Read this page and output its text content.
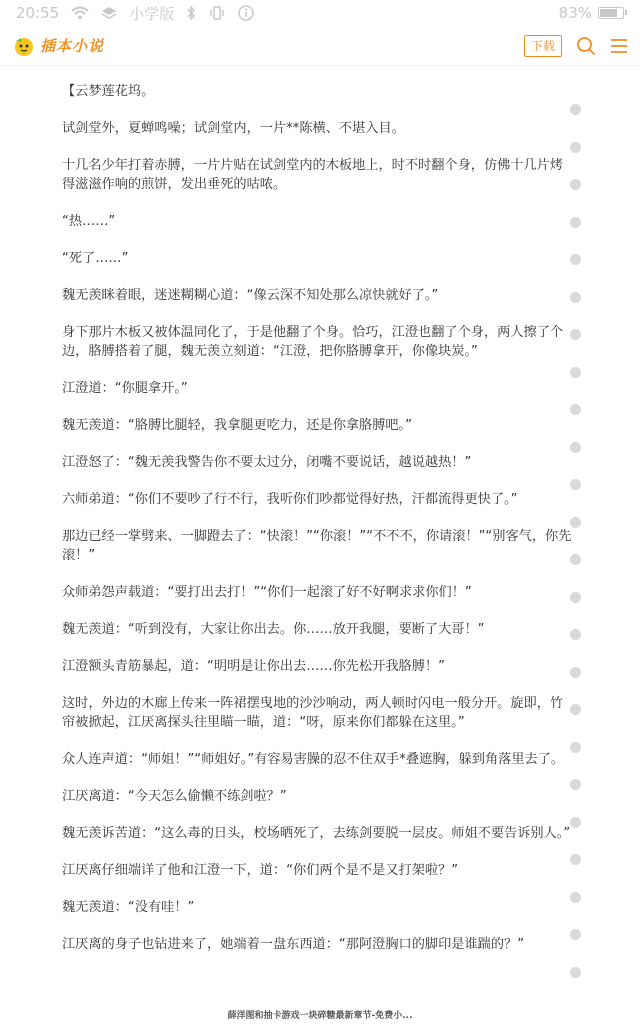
20:55	小学版	83%
插本小说	下载

【云梦莲花坞。

试剑堂外，夏蝉鸣噪；试剑堂内，一片**陈横、不堪入目。

十几名少年打着赤膊，一片片贴在试剑堂内的木板地上，时不时翻个身，仿佛十几片烤得滋滋作响的煎饼，发出垂死的咕哝。

“热……”

“死了……”

魏无羡眯着眼，迷迷糊糊心道：“像云深不知处那么凉快就好了。”

身下那片木板又被体温同化了，于是他翻了个身。恰巧，江澄也翻了个身，两人擦了个边，胳膊搭着了腿，魏无羡立刻道：“江澄，把你胳膊拿开，你像块炭。”

江澄道：“你腿拿开。”

魏无羡道：“胳膊比腿轻，我拿腿更吃力，还是你拿胳膊吧。”

江澄怒了：“魏无羡我警告你不要太过分，闭嘴不要说话，越说越热！”

六师弟道：“你们不要吵了行不行，我听你们吵都觉得好热，汗都流得更快了。”

那边已经一掌劈来、一脚蹬去了：“快滚！”“你滚！”“不不不，你请滚！”“别客气，你先滚！”

众师弟怨声载道：“要打出去打！”“你们一起滚了好不好啊求求你们！”

魏无羡道：“听到没有，大家让你出去。你……放开我腿，要断了大哥！”

江澄额头青筋暴起，道：“明明是让你出去……你先松开我胳膊！”

这时，外边的木廊上传来一阵裙摆曳地的沙沙响动，两人顿时闪电一般分开。旋即，竹帘被掀起，江厌离探头往里瞄一瞄，道：“呀，原来你们都躲在这里。”

众人连声道：“师姐！”“师姐好。”有容易害臊的忍不住双手*叠遮胸，躲到角落里去了。

江厌离道：“今天怎么偷懒不练剑啦？”

魏无羡诉苦道：“这么毒的日头，校场晒死了，去练剑要脱一层皮。师姐不要告诉别人。”

江厌离仔细端详了他和江澄一下，道：“你们两个是不是又打架啦？”

魏无羡道：“没有哇！”

江厌离的身子也钻进来了，她端着一盘东西道：“那阿澄胸口的脚印是谁踹的？”

薛洋图和抽卡游戏一块碎糖最新章节-免费小...
